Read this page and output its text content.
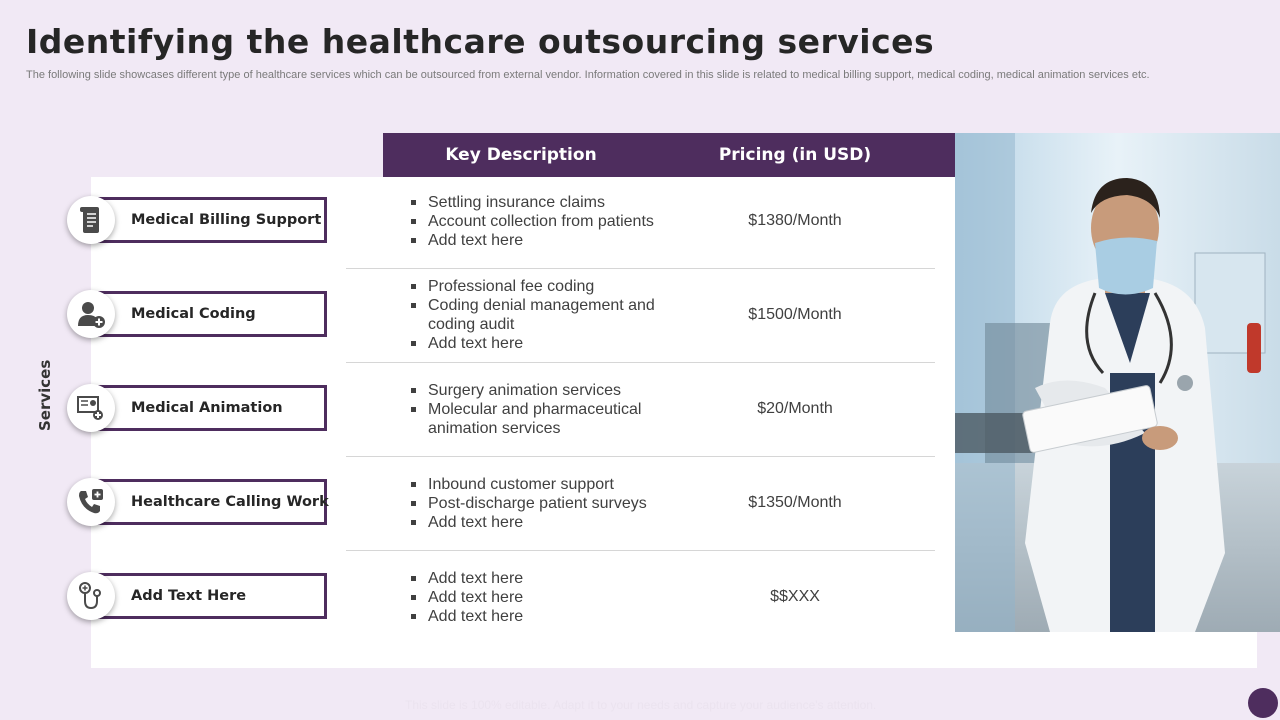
Identifying the healthcare outsourcing services

The following slide showcases different type of healthcare services which can be outsourced from external vendor. Information covered in this slide is related to medical billing support, medical coding, medical animation services etc.

Key Description	Pricing (in USD)
Services
Medical Billing Support
Medical Coding
Medical Animation
Healthcare Calling Work
Add Text Here
Settling insurance claims
Account collection from patients
Add text here
$1380/Month
Professional fee coding
Coding denial management and coding audit
Add text here
$1500/Month
Surgery animation services
Molecular and pharmaceutical animation services
$20/Month
Inbound customer support
Post-discharge patient surveys
Add text here
$1350/Month
Add text here
Add text here
Add text here
$$XXX
This slide is 100% editable. Adapt it to your needs and capture your audience's attention.
